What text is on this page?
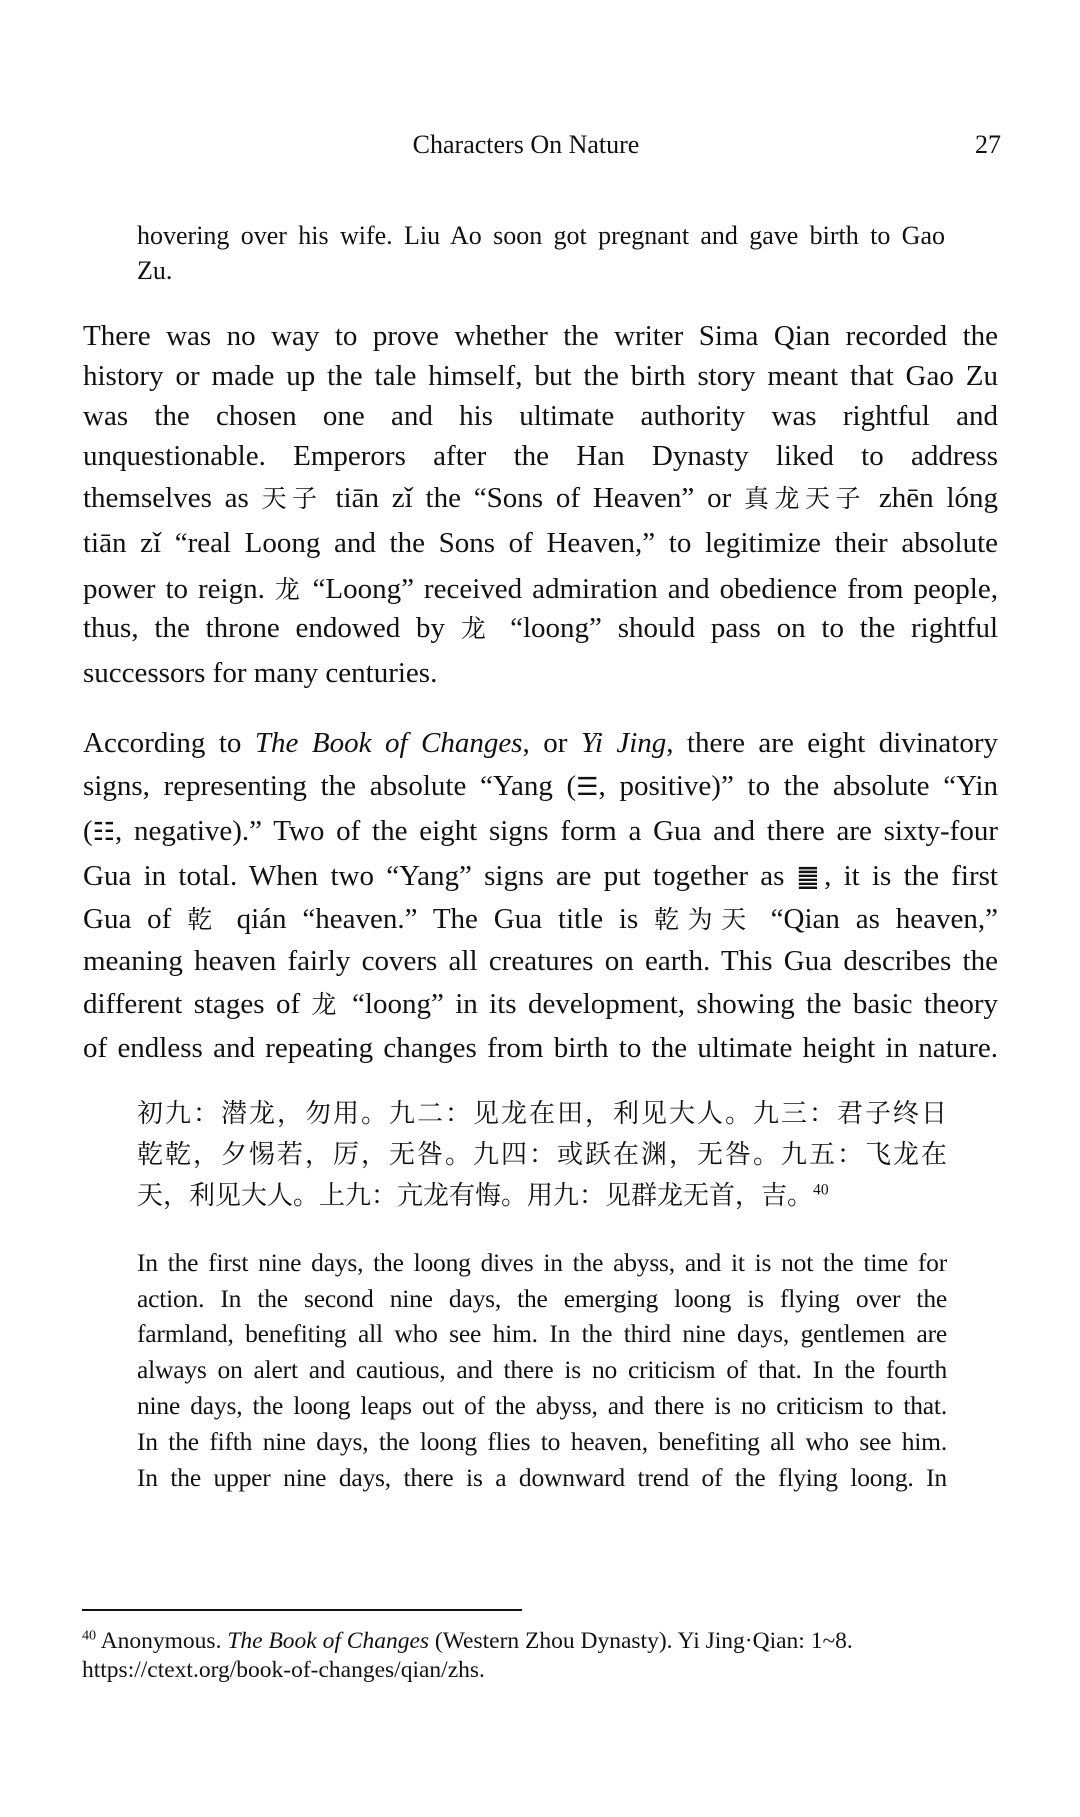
Characters On Nature	27
hovering over his wife. Liu Ao soon got pregnant and gave birth to Gao
Zu.
There was no way to prove whether the writer Sima Qian recorded the
history or made up the tale himself, but the birth story meant that Gao Zu
was the chosen one and his ultimate authority was rightful and
unquestionable. Emperors after the Han Dynasty liked to address
themselves as 天子 tiān zǐ the “Sons of Heaven” or 真龙天子 zhēn lóng
tiān zǐ “real Loong and the Sons of Heaven,” to legitimize their absolute
power to reign. 龙 “Loong” received admiration and obedience from people,
thus, the throne endowed by 龙 “loong” should pass on to the rightful
successors for many centuries.
According to The Book of Changes, or Yi Jing, there are eight divinatory
signs, representing the absolute “Yang (☰, positive)” to the absolute “Yin
(☷, negative).” Two of the eight signs form a Gua and there are sixty-four
Gua in total. When two “Yang” signs are put together as ䷀, it is the first
Gua of 乾 qián “heaven.” The Gua title is 乾为天 “Qian as heaven,”
meaning heaven fairly covers all creatures on earth. This Gua describes the
different stages of 龙 “loong” in its development, showing the basic theory
of endless and repeating changes from birth to the ultimate height in nature.
初九：潜龙，勿用。九二：见龙在田，利见大人。九三：君子终日
乾乾，夕惕若，厉，无咎。九四：或跃在渊，无咎。九五：飞龙在
天，利见大人。上九：亢龙有悔。用九：见群龙无首，吉。$^{40}$
In the first nine days, the loong dives in the abyss, and it is not the time for
action. In the second nine days, the emerging loong is flying over the
farmland, benefiting all who see him. In the third nine days, gentlemen are
always on alert and cautious, and there is no criticism of that. In the fourth
nine days, the loong leaps out of the abyss, and there is no criticism to that.
In the fifth nine days, the loong flies to heaven, benefiting all who see him.
In the upper nine days, there is a downward trend of the flying loong. In
$^{40}$ Anonymous. The Book of Changes (Western Zhou Dynasty). Yi Jing·Qian: 1~8.
https://ctext.org/book-of-changes/qian/zhs.
